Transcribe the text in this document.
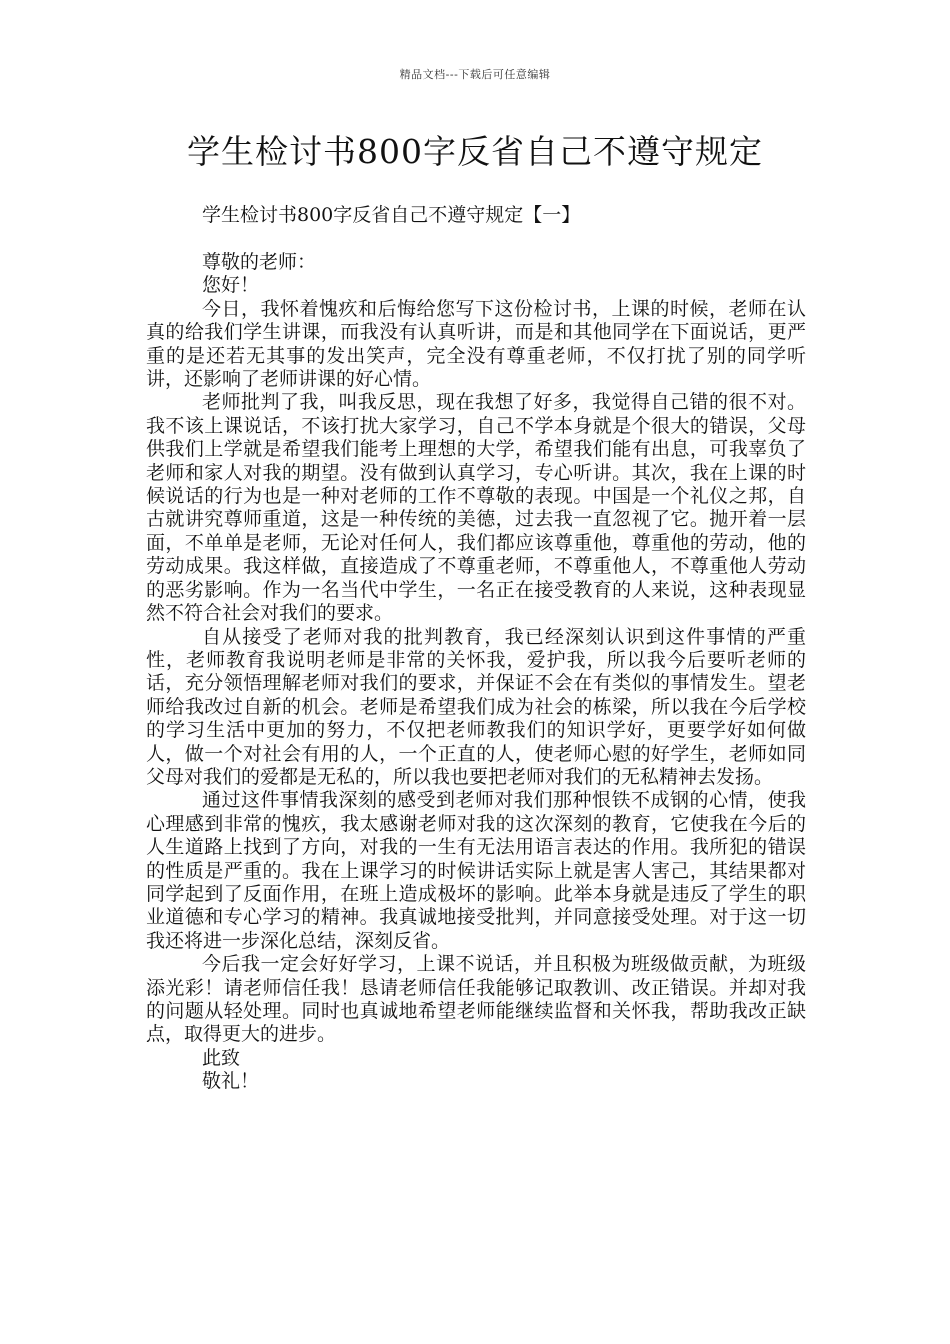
精品文档---下载后可任意编辑
学生检讨书800字反省自己不遵守规定
学生检讨书800字反省自己不遵守规定【一】

尊敬的老师：

您好！

今日，我怀着愧疚和后悔给您写下这份检讨书，上课的时候，老师在认真的给我们学生讲课，而我没有认真听讲，而是和其他同学在下面说话，更严重的是还若无其事的发出笑声，完全没有尊重老师，不仅打扰了别的同学听讲，还影响了老师讲课的好心情。

老师批判了我，叫我反思，现在我想了好多，我觉得自己错的很不对。我不该上课说话，不该打扰大家学习，自己不学本身就是个很大的错误，父母供我们上学就是希望我们能考上理想的大学，希望我们能有出息，可我辜负了老师和家人对我的期望。没有做到认真学习，专心听讲。其次，我在上课的时候说话的行为也是一种对老师的工作不尊敬的表现。中国是一个礼仪之邦，自古就讲究尊师重道，这是一种传统的美德，过去我一直忽视了它。抛开着一层面，不单单是老师，无论对任何人，我们都应该尊重他，尊重他的劳动，他的劳动成果。我这样做，直接造成了不尊重老师，不尊重他人，不尊重他人劳动的恶劣影响。作为一名当代中学生，一名正在接受教育的人来说，这种表现显然不符合社会对我们的要求。

自从接受了老师对我的批判教育，我已经深刻认识到这件事情的严重性，老师教育我说明老师是非常的关怀我，爱护我，所以我今后要听老师的话，充分领悟理解老师对我们的要求，并保证不会在有类似的事情发生。望老师给我改过自新的机会。老师是希望我们成为社会的栋梁，所以我在今后学校的学习生活中更加的努力，不仅把老师教我们的知识学好，更要学好如何做人，做一个对社会有用的人，一个正直的人，使老师心慰的好学生，老师如同父母对我们的爱都是无私的，所以我也要把老师对我们的无私精神去发扬。

通过这件事情我深刻的感受到老师对我们那种恨铁不成钢的心情，使我心理感到非常的愧疚，我太感谢老师对我的这次深刻的教育，它使我在今后的人生道路上找到了方向，对我的一生有无法用语言表达的作用。我所犯的错误的性质是严重的。我在上课学习的时候讲话实际上就是害人害己，其结果都对同学起到了反面作用，在班上造成极坏的影响。此举本身就是违反了学生的职业道德和专心学习的精神。我真诚地接受批判，并同意接受处理。对于这一切我还将进一步深化总结，深刻反省。

今后我一定会好好学习，上课不说话，并且积极为班级做贡献，为班级添光彩！请老师信任我！恳请老师信任我能够记取教训、改正错误。并却对我的问题从轻处理。同时也真诚地希望老师能继续监督和关怀我，帮助我改正缺点，取得更大的进步。

此致

敬礼！
